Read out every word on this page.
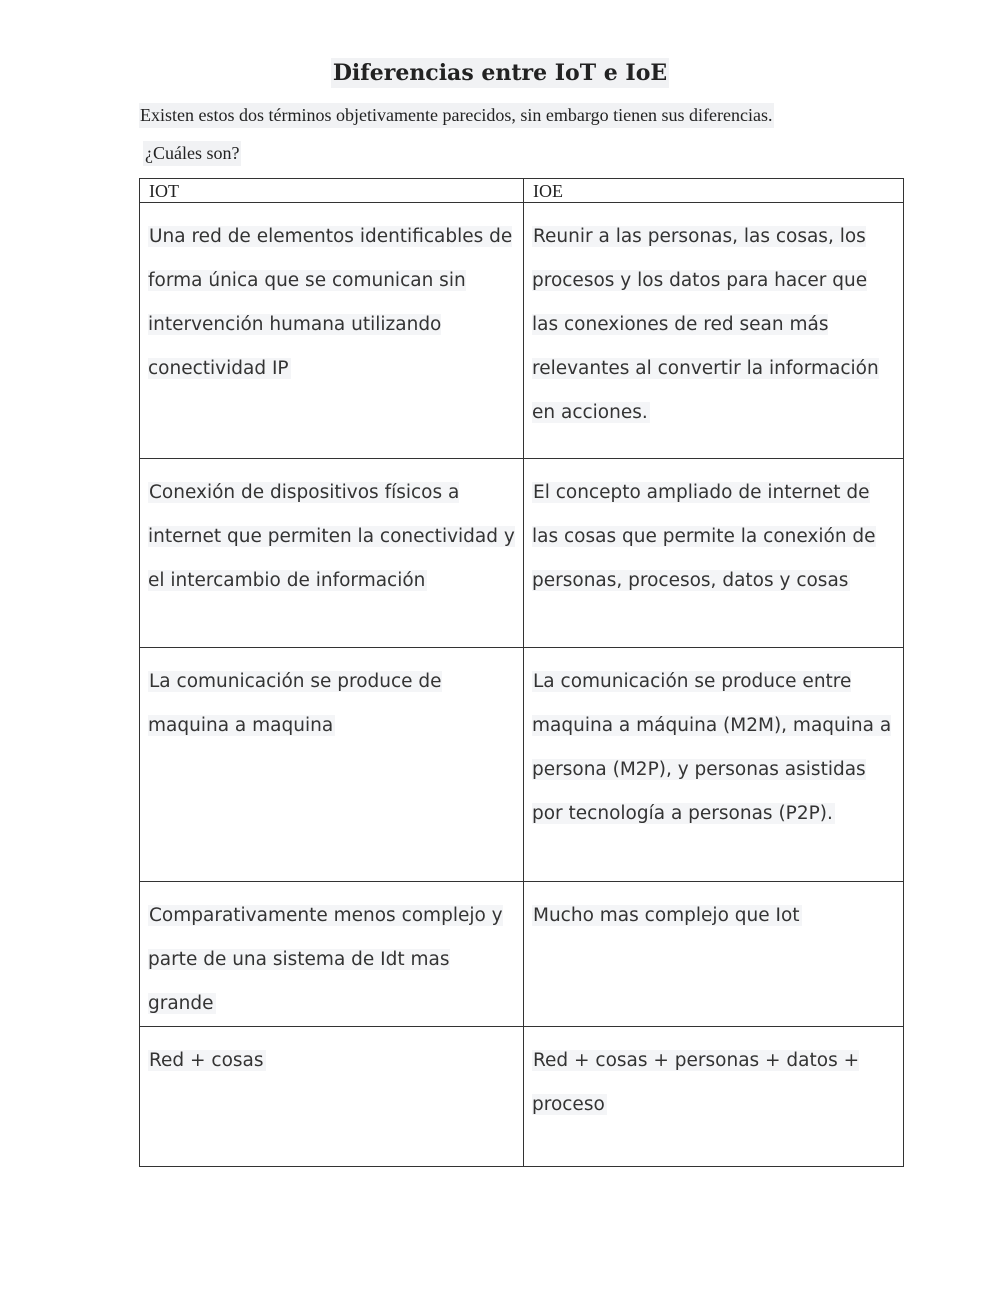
Diferencias entre IoT e IoE
Existen estos dos términos objetivamente parecidos, sin embargo tienen sus diferencias.
¿Cuáles son?
IOT	IOE
Una red de elementos identificables de forma única que se comunican sin intervención humana utilizando conectividad IP	Reunir a las personas, las cosas, los procesos y los datos para hacer que las conexiones de red sean más relevantes al convertir la información en acciones.
Conexión de dispositivos físicos a internet que permiten la conectividad y el intercambio de información	El concepto ampliado de internet de las cosas que permite la conexión de personas, procesos, datos y cosas
La comunicación se produce de maquina a maquina	La comunicación se produce entre maquina a máquina (M2M), maquina a persona (M2P), y personas asistidas por tecnología a personas (P2P).
Comparativamente menos complejo y parte de una sistema de Idt mas grande	Mucho mas complejo que Iot
Red + cosas	Red + cosas + personas + datos + proceso
